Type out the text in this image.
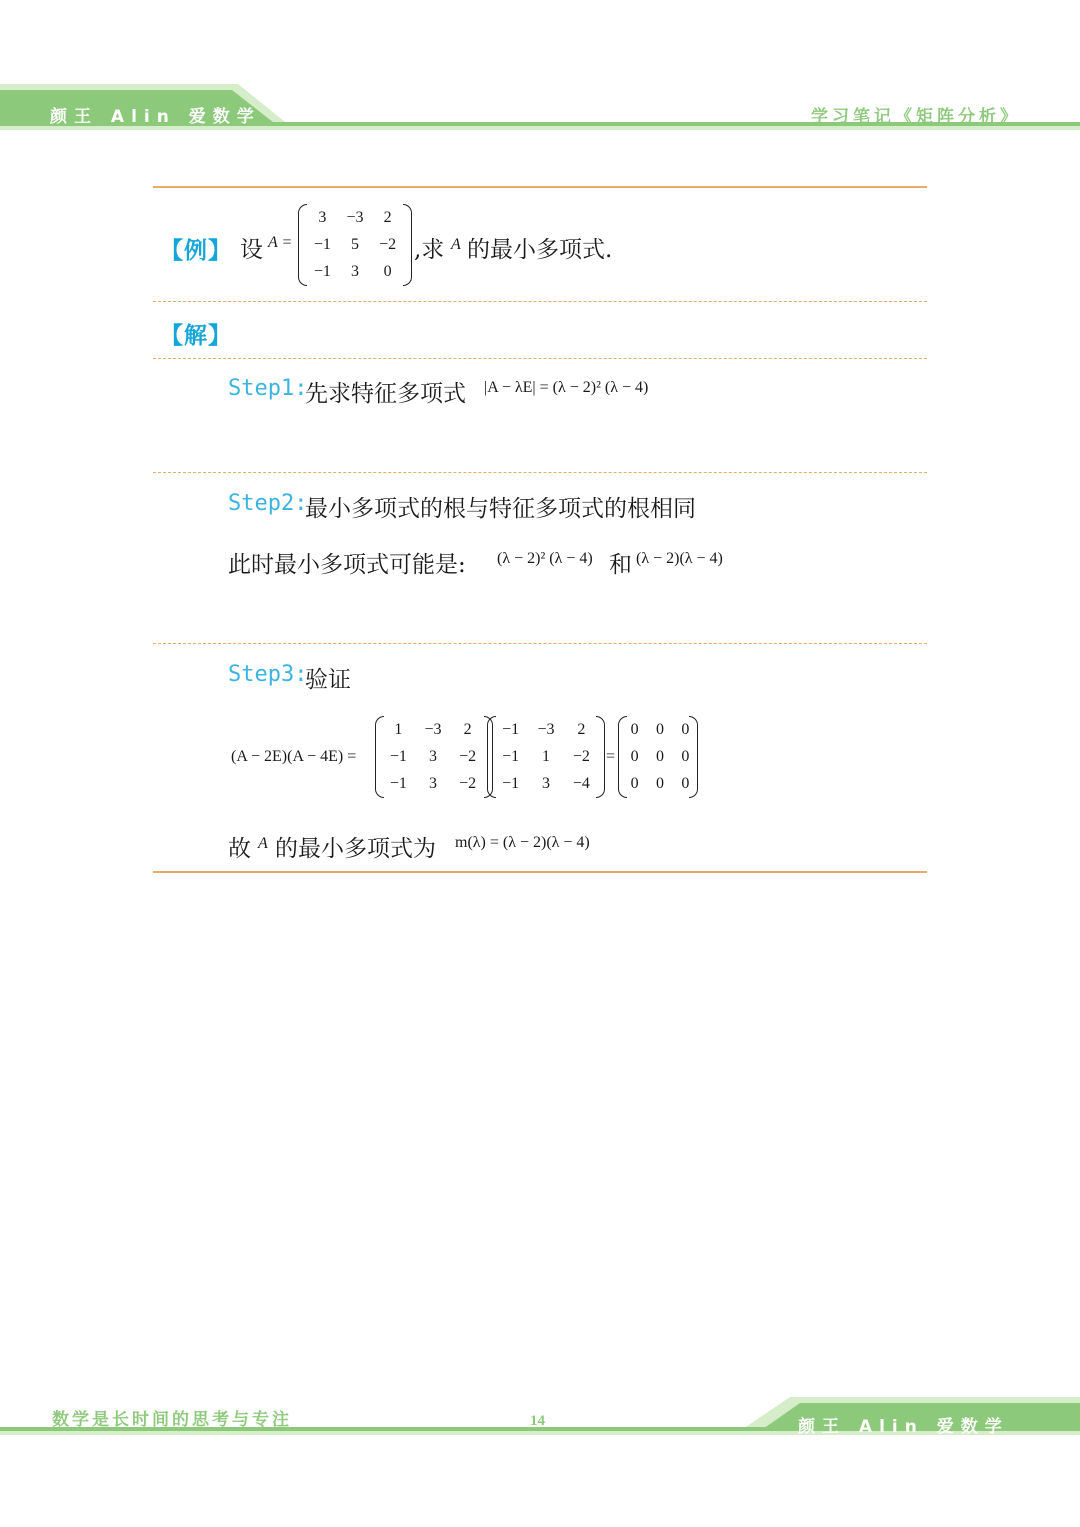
颜王 Alin 爱数学	学习笔记《矩阵分析》
【例】 设 A =
3	−3	2
−1	5	−2
−1	3	0
,求 A 的最小多项式.
【解】
Step1:
先求特征多项式 |A − λE| = (λ − 2)² (λ − 4)
Step2:
最小多项式的根与特征多项式的根相同
此时最小多项式可能是: (λ − 2)² (λ − 4) 和 (λ − 2)(λ − 4)
Step3:
验证
(A − 2E)(A − 4E) =
1	−3	2
−1	3	−2
−1	3	−2
−1	−3	2
−1	1	−2
−1	3	−4
=
0	0	0
0	0	0
0	0	0
故 A 的最小多项式为 m(λ) = (λ − 2)(λ − 4)
数学是长时间的思考与专注	14	颜王 Alin 爱数学
